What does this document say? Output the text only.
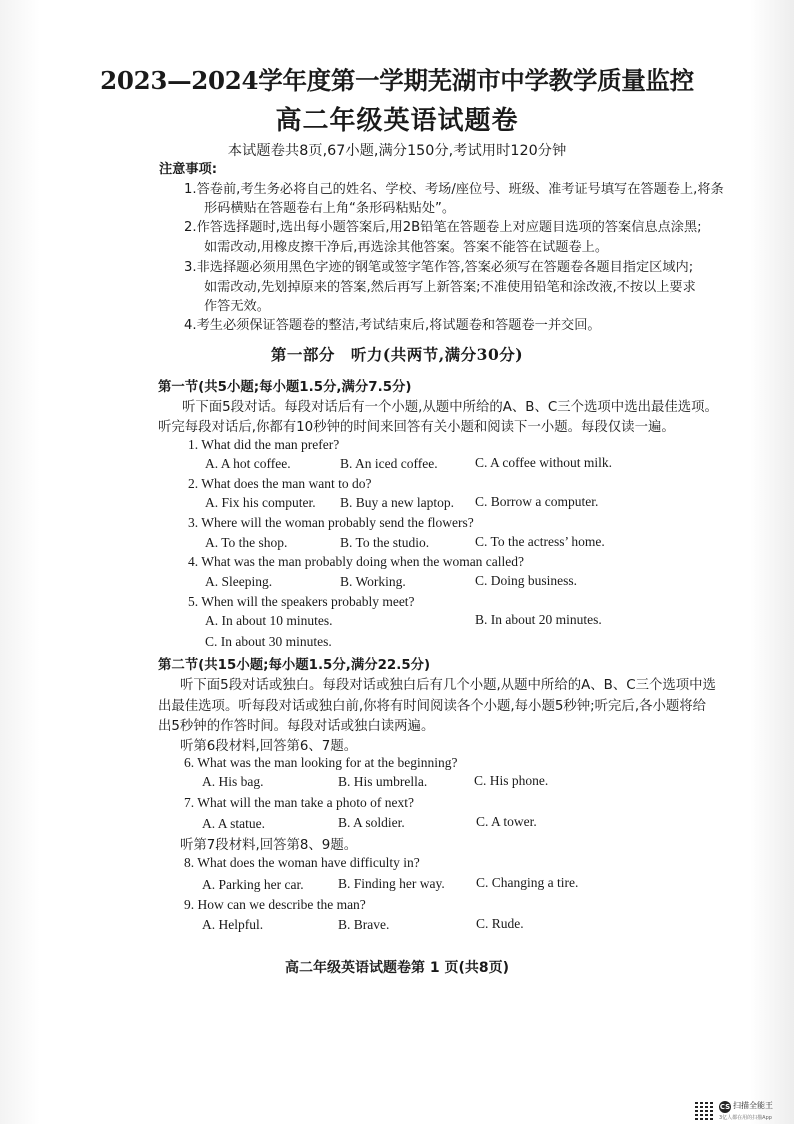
2023—2024学年度第一学期芜湖市中学教学质量监控
高二年级英语试题卷
本试题卷共8页,67小题,满分150分,考试用时120分钟
注意事项:
1.答卷前,考生务必将自己的姓名、学校、考场/座位号、班级、准考证号填写在答题卷上,将条
形码横贴在答题卷右上角“条形码粘贴处”。
2.作答选择题时,选出每小题答案后,用2B铅笔在答题卷上对应题目选项的答案信息点涂黑;
如需改动,用橡皮擦干净后,再选涂其他答案。答案不能答在试题卷上。
3.非选择题必须用黑色字迹的钢笔或签字笔作答,答案必须写在答题卷各题目指定区域内;
如需改动,先划掉原来的答案,然后再写上新答案;不准使用铅笔和涂改液,不按以上要求
作答无效。
4.考生必须保证答题卷的整洁,考试结束后,将试题卷和答题卷一并交回。
第一部分　听力(共两节,满分30分)
第一节(共5小题;每小题1.5分,满分7.5分)
听下面5段对话。每段对话后有一个小题,从题中所给的A、B、C三个选项中选出最佳选项。
听完每段对话后,你都有10秒钟的时间来回答有关小题和阅读下一小题。每段仅读一遍。
1. What did the man prefer?
A. A hot coffee.	B. An iced coffee.	C. A coffee without milk.
2. What does the man want to do?
A. Fix his computer. B. Buy a new laptop. C. Borrow a computer.
3. Where will the woman probably send the flowers?
A. To the shop.	B. To the studio.	C. To the actress’ home.
4. What was the man probably doing when the woman called?
A. Sleeping.	B. Working.	C. Doing business.
5. When will the speakers probably meet?
A. In about 10 minutes.	B. In about 20 minutes.
C. In about 30 minutes.
第二节(共15小题;每小题1.5分,满分22.5分)
听下面5段对话或独白。每段对话或独白后有几个小题,从题中所给的A、B、C三个选项中选
出最佳选项。听每段对话或独白前,你将有时间阅读各个小题,每小题5秒钟;听完后,各小题将给
出5秒钟的作答时间。每段对话或独白读两遍。
听第6段材料,回答第6、7题。
6. What was the man looking for at the beginning?
A. His bag.	B. His umbrella.	C. His phone.
7. What will the man take a photo of next?
A. A statue.	B. A soldier.	C. A tower.
听第7段材料,回答第8、9题。
8. What does the woman have difficulty in?
A. Parking her car.	B. Finding her way. C. Changing a tire.
9. How can we describe the man?
A. Helpful.	B. Brave.	C. Rude.
高二年级英语试题卷第 1 页(共8页)
CS 扫描全能王
3亿人都在用的扫描App
